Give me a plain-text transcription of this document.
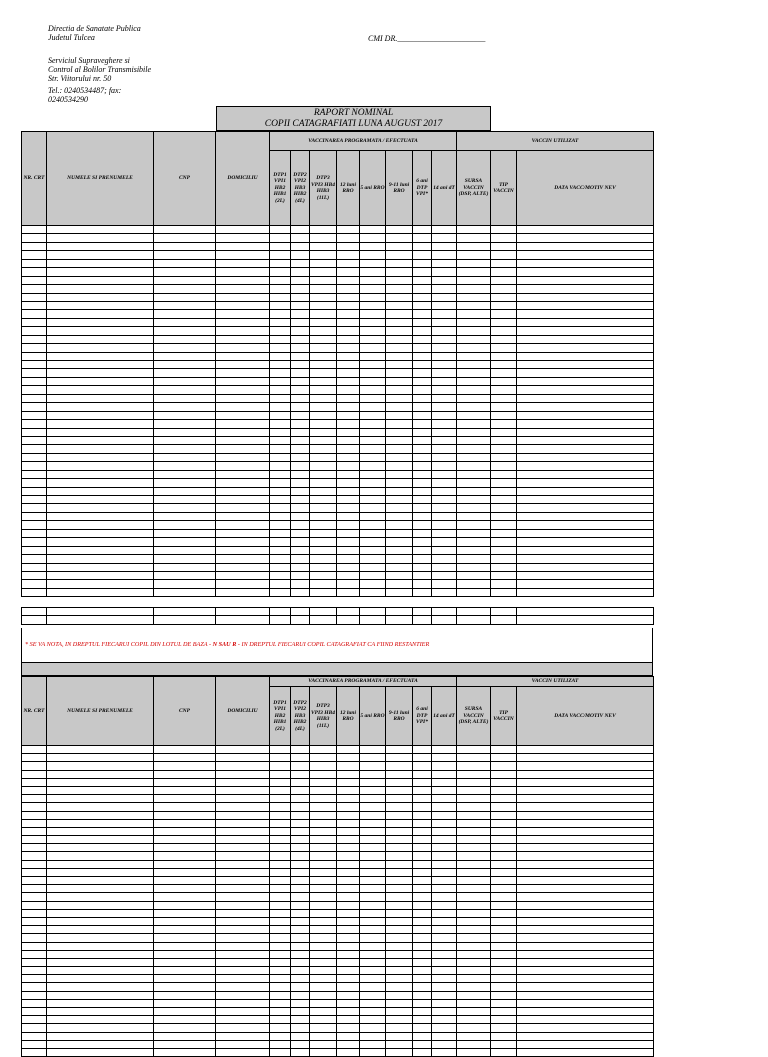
Directia de Sanatate Publica
Judetul Tulcea	CMI DR.______________________
Serviciul Supraveghere si
Control al Bolilor Transmisibile
Str. Viitorului nr. 50
Tel.: 0240534487; fax:
0240534290
RAPORT NOMINAL
COPII CATAGRAFIATI LUNA AUGUST 2017
NR. CRT	NUMELE SI PRENUMELE	CNP	DOMICILIU	VACCINAREA PROGRAMATA / EFECTUATA								VACCIN UTILIZAT		
				DTP1 VPI1 HB2 HIB1 (2L)	DTP2 VPI2 HB3 HIB2 (4L)	DTP3 VPI3 HB4 HIB3 (11L)	12 luni RRO	5 ani RRO	9-11 luni RRO	6 ani DTP VPI*	14 ani dT	SURSA VACCIN (DSP, ALTE)	TIP VACCIN	DATA VACC/MOTIV NEV

* SE VA NOTA, IN DREPTUL FIECARUI COPIL DIN LOTUL DE BAZA - N SAU R - IN DREPTUL FIECARUI COPIL CATAGRAFIAT CA FIIND RESTANTIER
NR. CRT	NUMELE SI PRENUMELE	CNP	DOMICILIU	VACCINAREA PROGRAMATA / EFECTUATA								VACCIN UTILIZAT		
				DTP1 VPI1 HB2 HIB1 (2L)	DTP2 VPI2 HB3 HIB2 (4L)	DTP3 VPI3 HB4 HIB3 (11L)	12 luni RRO	5 ani RRO	9-11 luni RRO	6 ani DTP VPI*	14 ani dT	SURSA VACCIN (DSP, ALTE)	TIP VACCIN	DATA VACC/MOTIV NEV
